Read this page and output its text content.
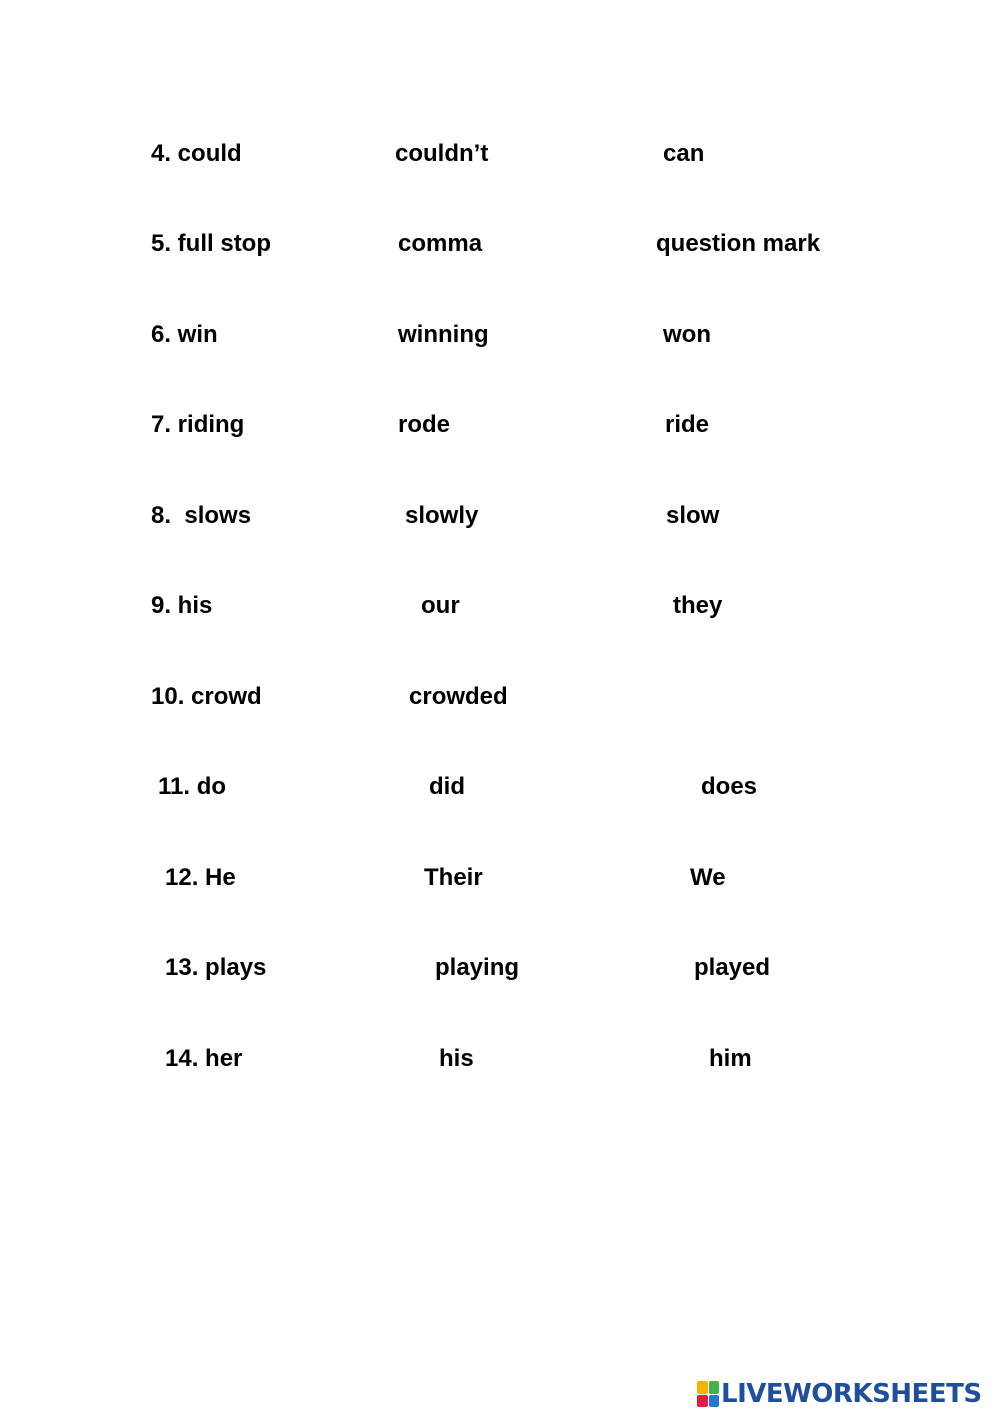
4. could	couldn’t	can
5. full stop	comma	question mark
6. win	winning	won
7. riding	rode	ride
8.  slows	slowly	slow
9. his	our	they
10. crowd	crowded
11. do	did	does
12. He	Their	We
13. plays	playing	played
14. her	his	him
LIVEWORKSHEETS
